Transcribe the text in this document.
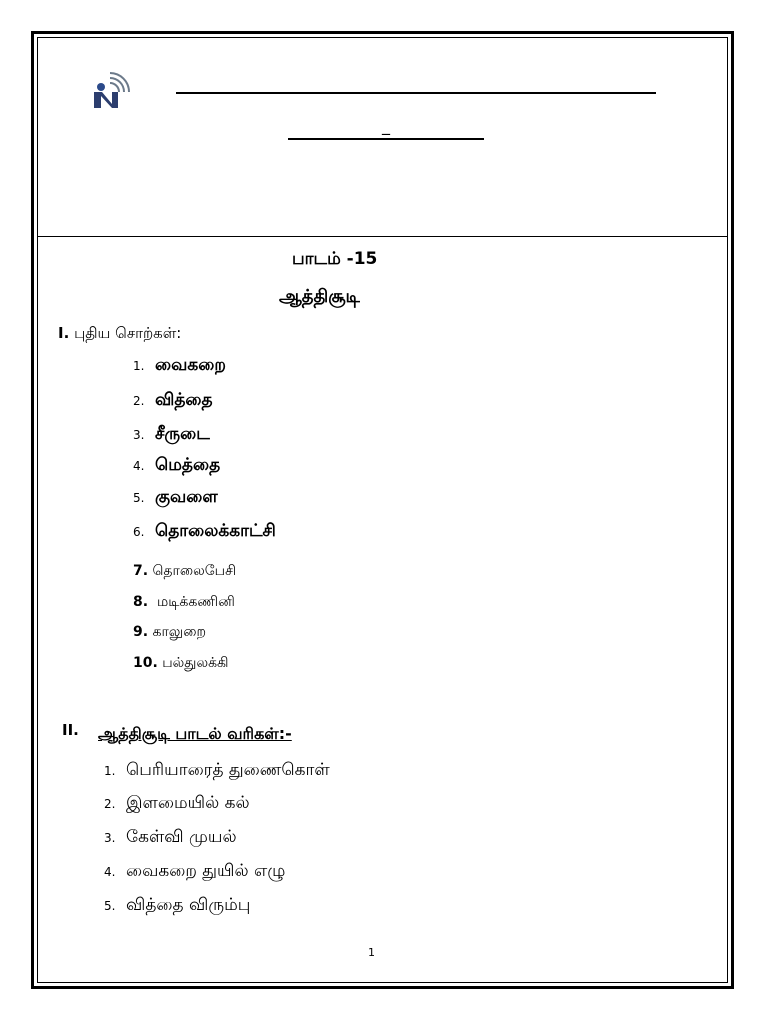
_
பாடம் -15
ஆத்திசூடி
I. புதிய சொற்கள்:
1. வைகறை
2. வித்தை
3. சீருடை
4. மெத்தை
5. குவளை
6. தொலைக்காட்சி
7. தொலைபேசி
8. மடிக்கணினி
9. காலுறை
10. பல்துலக்கி
II. ஆத்திசூடி பாடல் வரிகள்:-
1. பெரியாரைத் துணைகொள்
2. இளமையில் கல்
3. கேள்வி முயல்
4. வைகறை துயில் எழு
5. வித்தை விரும்பு
1
